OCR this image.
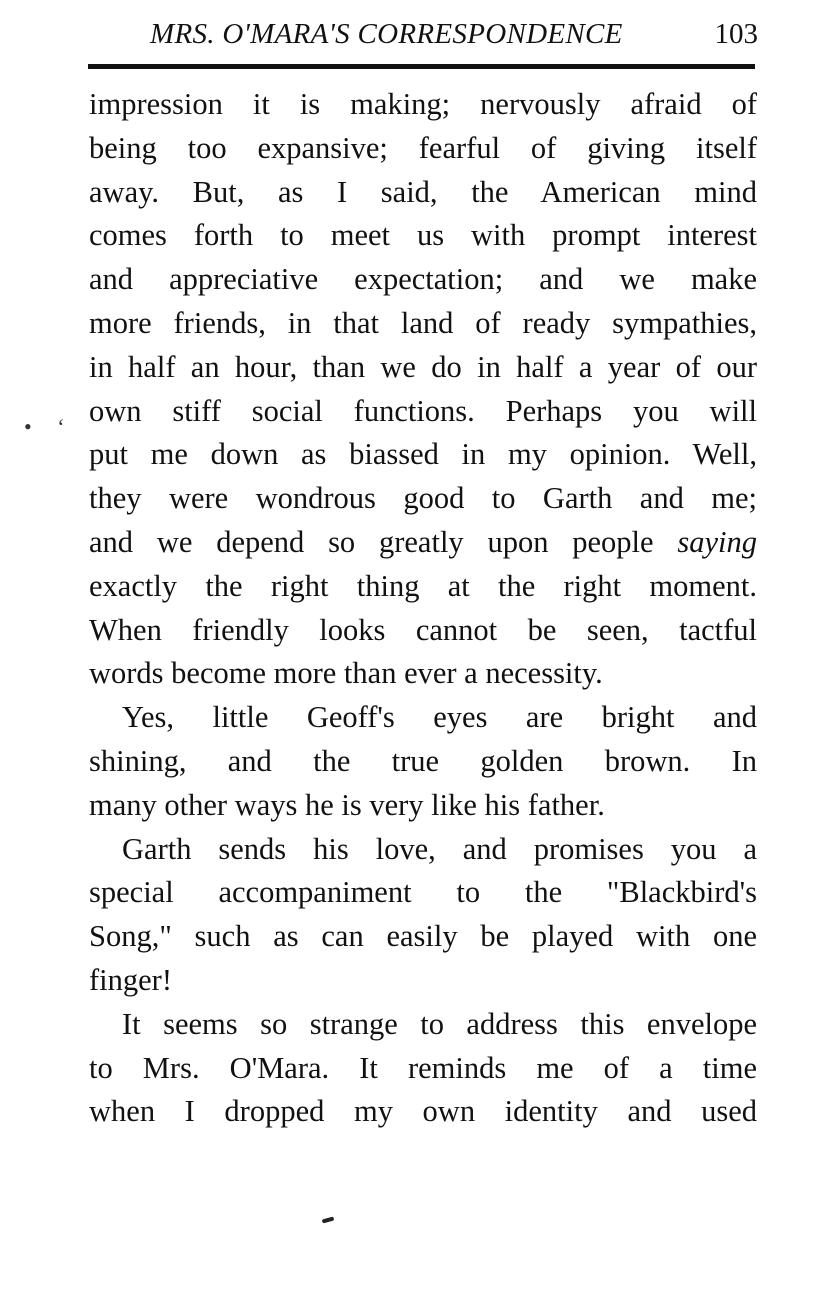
MRS. O'MARA'S CORRESPONDENCE	103
• ‘
impression it is making; nervously afraid of
being too expansive; fearful of giving itself
away. But, as I said, the American mind
comes forth to meet us with prompt interest
and appreciative expectation; and we make
more friends, in that land of ready sympathies,
in half an hour, than we do in half a year of our
own stiff social functions. Perhaps you will
put me down as biassed in my opinion. Well,
they were wondrous good to Garth and me;
and we depend so greatly upon people saying
exactly the right thing at the right moment.
When friendly looks cannot be seen, tactful
words become more than ever a necessity.
Yes, little Geoff's eyes are bright and
shining, and the true golden brown. In
many other ways he is very like his father.
Garth sends his love, and promises you a
special accompaniment to the "Blackbird's
Song," such as can easily be played with one
finger!
It seems so strange to address this envelope
to Mrs. O'Mara. It reminds me of a time
when I dropped my own identity and used
